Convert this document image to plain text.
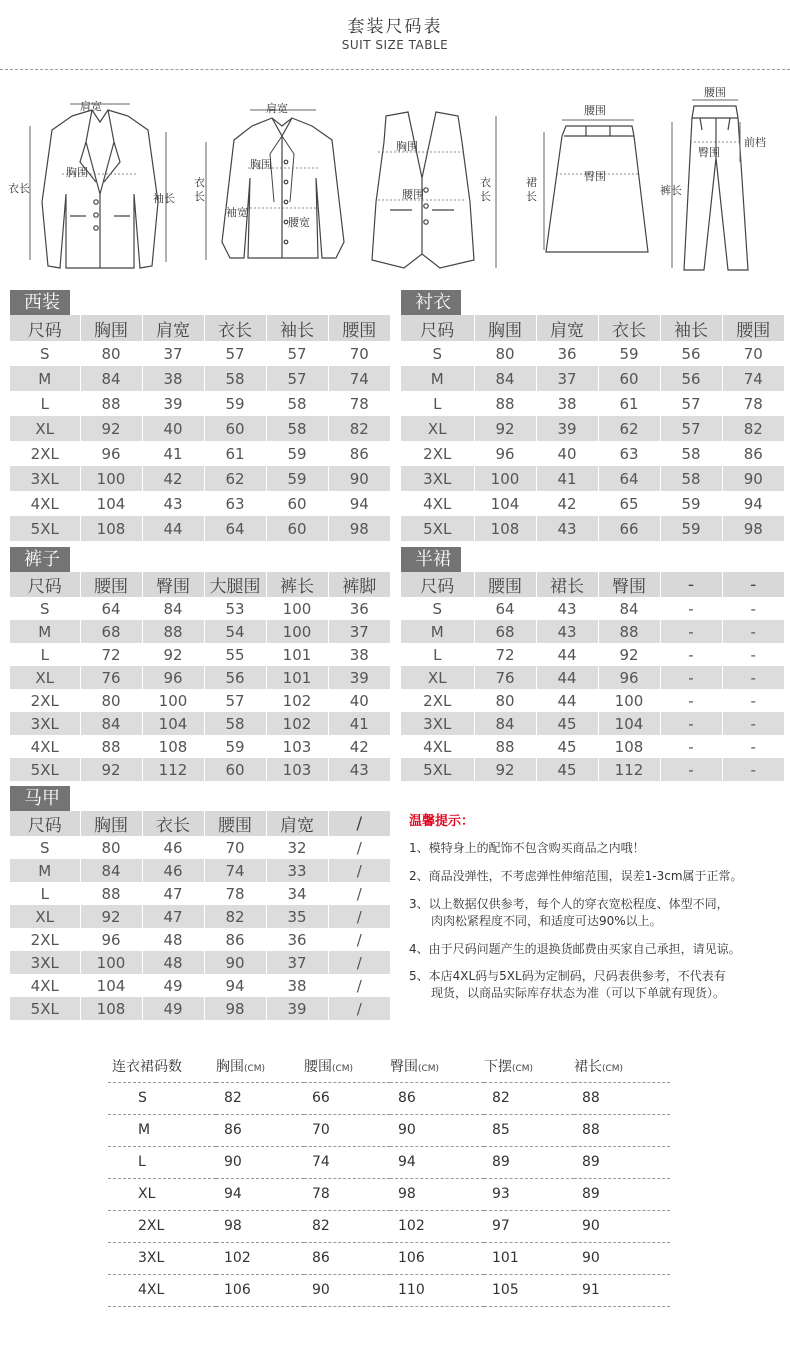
套装尺码表
SUIT SIZE TABLE
肩宽
胸围
衣长
袖长
肩宽
胸围
衣
长
袖宽
腰宽
胸围
腰围
衣
长
腰围
臀围
裙
长
腰围
臀围
前档
裤长
西装
尺码	胸围	肩宽	衣长	袖长	腰围
S	80	37	57	57	70
M	84	38	58	57	74
L	88	39	59	58	78
XL	92	40	60	58	82
2XL	96	41	61	59	86
3XL	100	42	62	59	90
4XL	104	43	63	60	94
5XL	108	44	64	60	98
衬衣
尺码	胸围	肩宽	衣长	袖长	腰围
S	80	36	59	56	70
M	84	37	60	56	74
L	88	38	61	57	78
XL	92	39	62	57	82
2XL	96	40	63	58	86
3XL	100	41	64	58	90
4XL	104	42	65	59	94
5XL	108	43	66	59	98
裤子
尺码	腰围	臀围	大腿围	裤长	裤脚
S	64	84	53	100	36
M	68	88	54	100	37
L	72	92	55	101	38
XL	76	96	56	101	39
2XL	80	100	57	102	40
3XL	84	104	58	102	41
4XL	88	108	59	103	42
5XL	92	112	60	103	43
半裙
尺码	腰围	裙长	臀围	-	-
S	64	43	84	-	-
M	68	43	88	-	-
L	72	44	92	-	-
XL	76	44	96	-	-
2XL	80	44	100	-	-
3XL	84	45	104	-	-
4XL	88	45	108	-	-
5XL	92	45	112	-	-
马甲
尺码	胸围	衣长	腰围	肩宽	/
S	80	46	70	32	/
M	84	46	74	33	/
L	88	47	78	34	/
XL	92	47	82	35	/
2XL	96	48	86	36	/
3XL	100	48	90	37	/
4XL	104	49	94	38	/
5XL	108	49	98	39	/
温馨提示：
1、模特身上的配饰不包含购买商品之内哦！
2、商品没弹性，不考虑弹性伸缩范围，误差1-3cm属于正常。
3、以上数据仅供参考，每个人的穿衣宽松程度、体型不同，
肉肉松紧程度不同，和适度可达90%以上。
4、由于尺码问题产生的退换货邮费由买家自己承担，请见谅。
5、本店4XL码与5XL码为定制码，尺码表供参考，不代表有
现货，以商品实际库存状态为准（可以下单就有现货）。
连衣裙码数	胸围(CM)	腰围(CM)	臀围(CM)	下摆(CM)	裙长(CM)
S	82	66	86	82	88
M	86	70	90	85	88
L	90	74	94	89	89
XL	94	78	98	93	89
2XL	98	82	102	97	90
3XL	102	86	106	101	90
4XL	106	90	110	105	91
